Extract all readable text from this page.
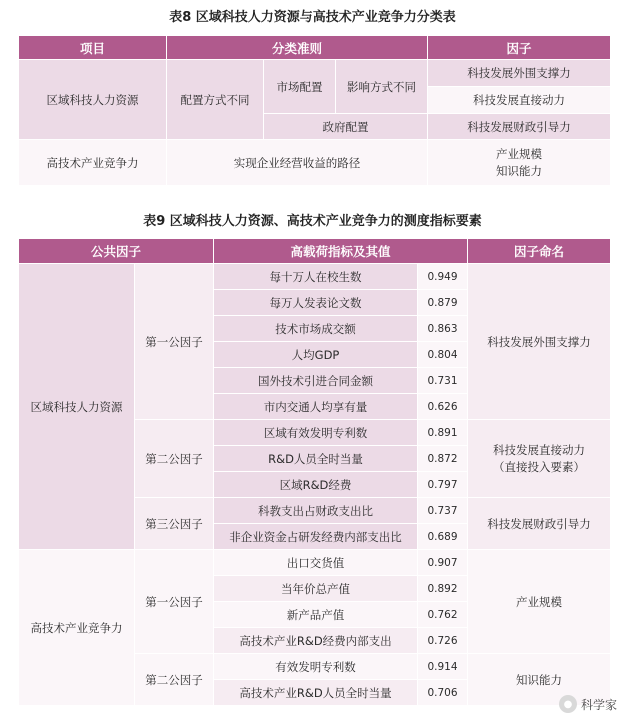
表8 区域科技人力资源与高技术产业竞争力分类表
项目	分类准则			因子
区域科技人力资源	配置方式不同	市场配置	影响方式不同	科技发展外围支撑力
				科技发展直接动力
		政府配置		科技发展财政引导力
高技术产业竞争力	实现企业经营收益的路径			产业规模
知识能力
表9 区域科技人力资源、高技术产业竞争力的测度指标要素
公共因子		高载荷指标及其值		因子命名
区域科技人力资源	第一公因子	每十万人在校生数	0.949	科技发展外围支撑力
		每万人发表论文数	0.879	
		技术市场成交额	0.863	
		人均GDP	0.804	
		国外技术引进合同金额	0.731	
		市内交通人均享有量	0.626	
	第二公因子	区域有效发明专利数	0.891	科技发展直接动力
（直接投入要素）

		R&D人员全时当量	0.872	
		区域R&D经费	0.797	
	第三公因子	科教支出占财政支出比	0.737	科技发展财政引导力
		非企业资金占研发经费内部支出比	0.689	
高技术产业竞争力	第一公因子	出口交货值	0.907	产业规模
		当年价总产值	0.892	
		新产品产值	0.762	
		高技术产业R&D经费内部支出	0.726	
	第二公因子	有效发明专利数	0.914	知识能力
		高技术产业R&D人员全时当量	0.706	
● 科学家
